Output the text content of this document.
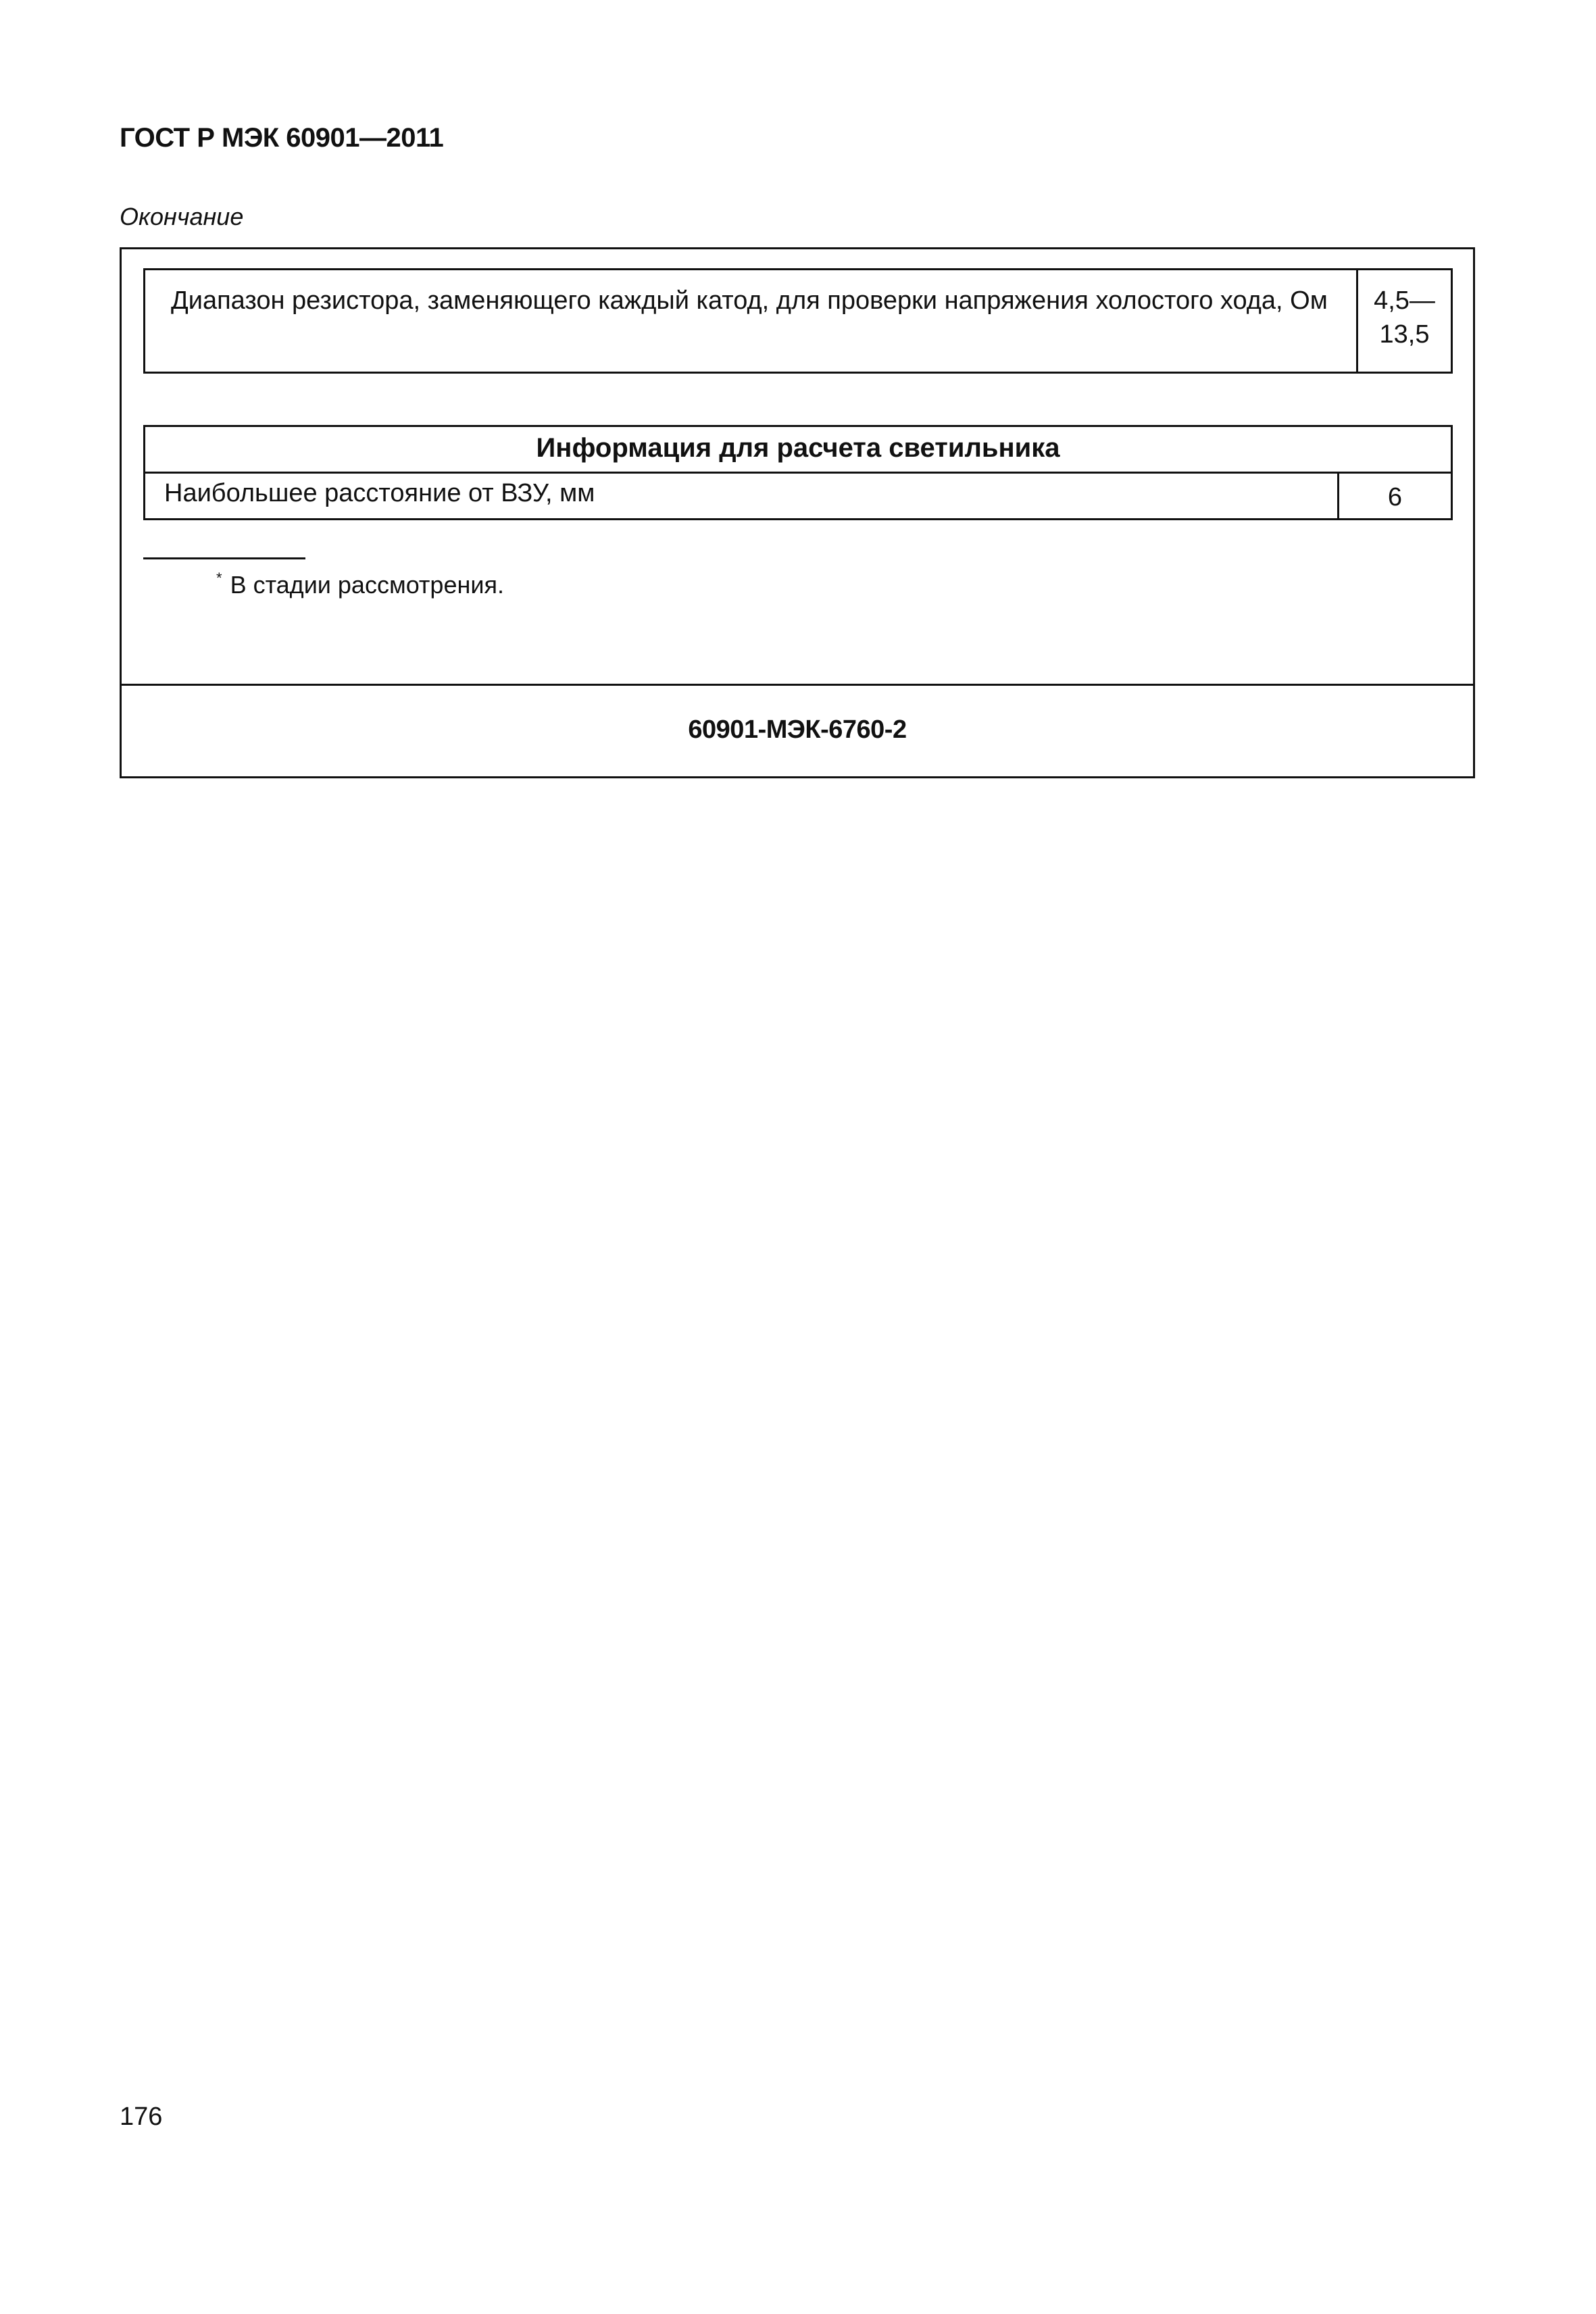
ГОСТ Р МЭК 60901—2011
Окончание
Диапазон резистора, заменяющего каждый катод, для проверки напряжения холостого хода, Ом	4,5—
13,5
Информация для расчета светильника
Наибольшее расстояние от ВЗУ, мм	6
* В стадии рассмотрения.
60901-МЭК-6760-2
176
